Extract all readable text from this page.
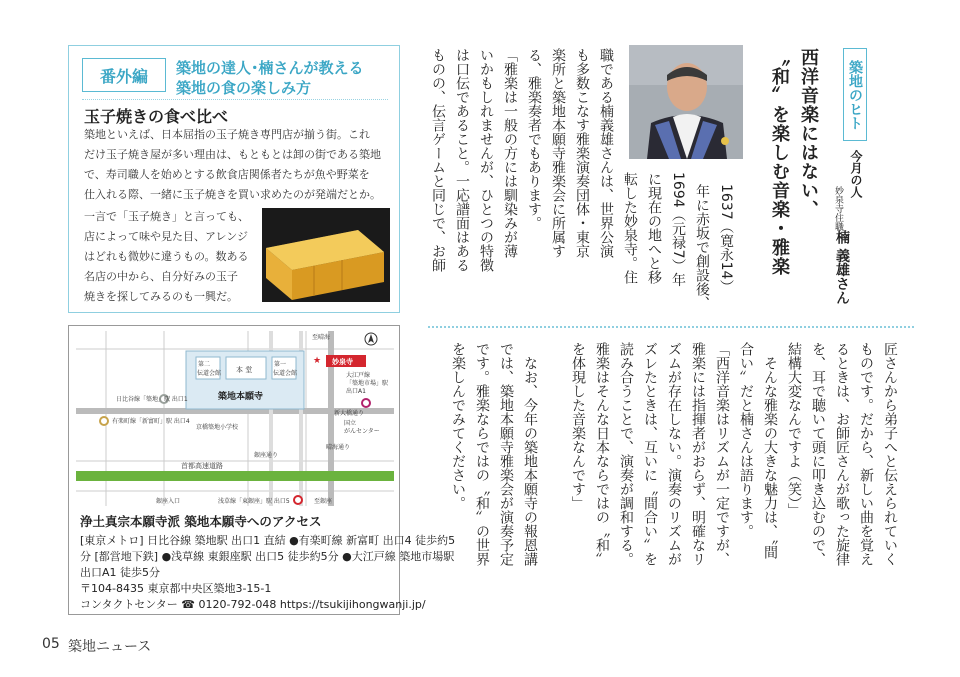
番外編	築地の達人･楠さんが教える
築地の食の楽しみ方
玉子焼きの食べ比べ
築地といえば、日本屈指の玉子焼き専門店が揃う街。これ
だけ玉子焼き屋が多い理由は、もともとは卸の街である築地
で、寿司職人を始めとする飲食店関係者たちが魚や野菜を
仕入れる際、一緒に玉子焼きを買い求めたのが発端だとか。
一言で「玉子焼き」と言っても、
店によって味や見た目、アレンジ
はどれも微妙に違うもの。数ある
名店の中から、自分好みの玉子
焼きを探してみるのも一興だ。
首都高速道路
第二
伝道会館
第一
伝道会館
本 堂
築地本願寺
★ 妙泉寺
至晴海
日比谷線「築地」駅 出口1
大江戸線
「築地市場」駅
出口A1
有楽町線「新富町」駅 出口4
新大橋通り
京橋築地小学校
国立
がんセンター
銀座通り
銀座入口	浅草線「東銀座」駅 出口5	至銀座
晴海通り
浄土真宗本願寺派 築地本願寺へのアクセス
[東京メトロ] 日比谷線 築地駅 出口1 直結 ●有楽町線 新富町 出口4 徒歩約5
分 [都営地下鉄] ●浅草線 東銀座駅 出口5 徒歩約5分 ●大江戸線 築地市場駅
出口A1 徒歩5分
〒104-8435 東京都中央区築地3-15-1
コンタクトセンター ☎ 0120-792-048 https://tsukijihongwanji.jp/
築地のヒト
今月の人
妙泉寺住職
楠 義雄さん
西洋音楽にはない、
〝和〟を楽しむ音楽・雅楽
1637（寛永14）
年に赤坂で創設後、
1694（元禄7）年
に現在の地へと移
転した妙泉寺。住
職である楠義雄さんは、世界公演
も多数こなす雅楽演奏団体・東京
楽所と築地本願寺雅楽会に所属す
る、雅楽奏者でもあります。
「雅楽は一般の方には馴染みが薄
いかもしれませんが、ひとつの特徴
は口伝であること。一応譜面はある
ものの、伝言ゲームと同じで、お師
匠さんから弟子へと伝えられていく
ものです。だから、新しい曲を覚え
るときは、お師匠さんが歌った旋律
を、耳で聴いて頭に叩き込むので、
結構大変なんですよ（笑）」
そんな雅楽の大きな魅力は、〝間
合い〟だと楠さんは語ります。
「西洋音楽はリズムが一定ですが、
雅楽には指揮者がおらず、明確なリ
ズムが存在しない。演奏のリズムが
ズレたときは、互いに〝間合い〟を
読み合うことで、演奏が調和する。
雅楽はそんな日本ならではの〝和〟
を体現した音楽なんです」
なお、今年の築地本願寺の報恩講
では、築地本願寺雅楽会が演奏予定
です。雅楽ならではの〝和〟の世界
を楽しんでみてください。
05 築地ニュース
